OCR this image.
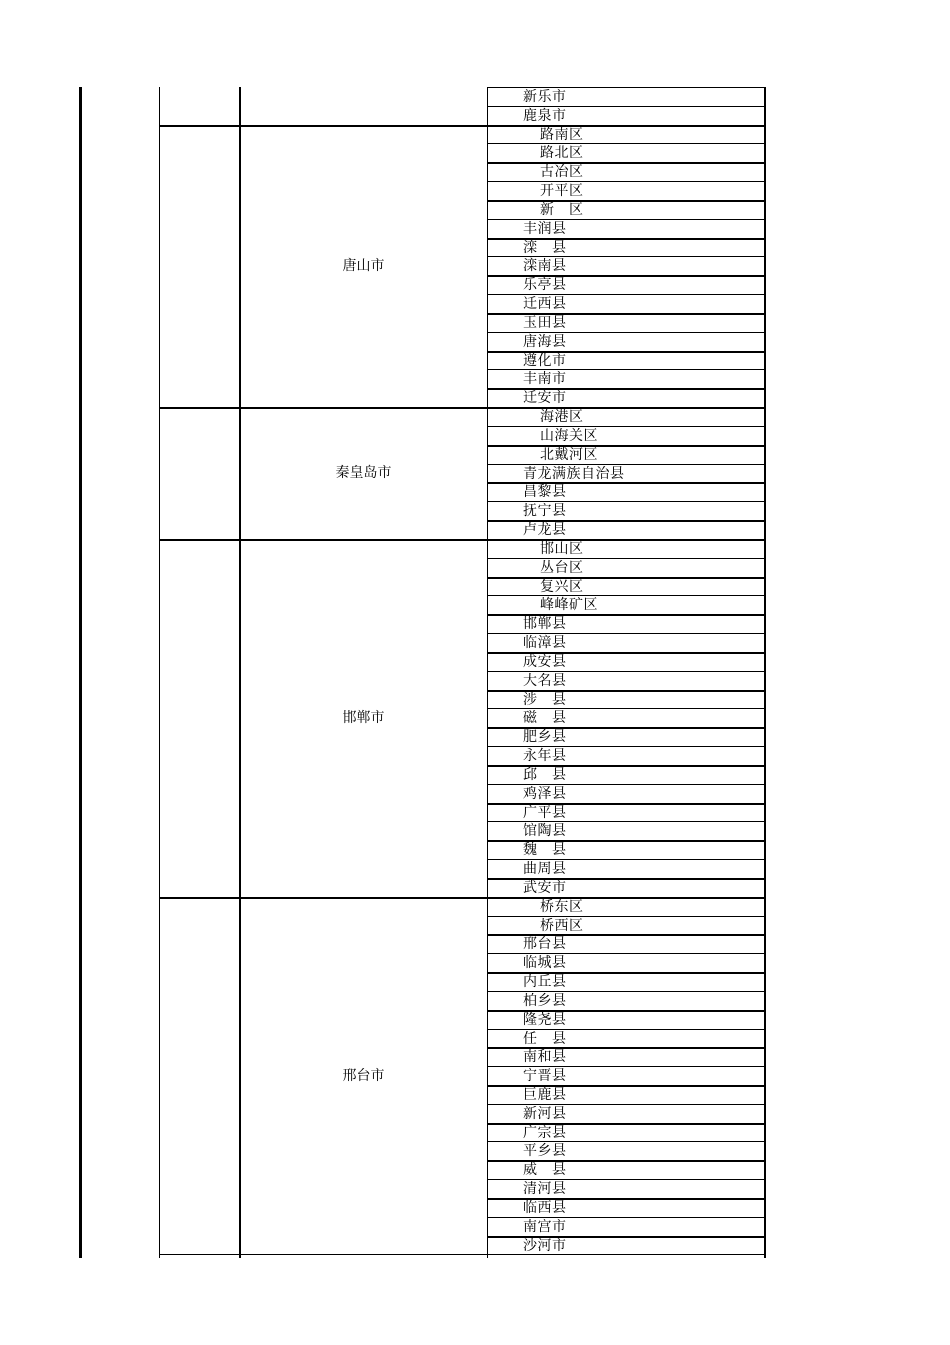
新乐市
鹿泉市
唐山市
路南区
路北区
古冶区
开平区
新　区
丰润县
滦　县
滦南县
乐亭县
迁西县
玉田县
唐海县
遵化市
丰南市
迁安市
秦皇岛市
海港区
山海关区
北戴河区
青龙满族自治县
昌黎县
抚宁县
卢龙县
邯郸市
邯山区
丛台区
复兴区
峰峰矿区
邯郸县
临漳县
成安县
大名县
涉　县
磁　县
肥乡县
永年县
邱　县
鸡泽县
广平县
馆陶县
魏　县
曲周县
武安市
邢台市
桥东区
桥西区
邢台县
临城县
内丘县
柏乡县
隆尧县
任　县
南和县
宁晋县
巨鹿县
新河县
广宗县
平乡县
威　县
清河县
临西县
南宫市
沙河市
